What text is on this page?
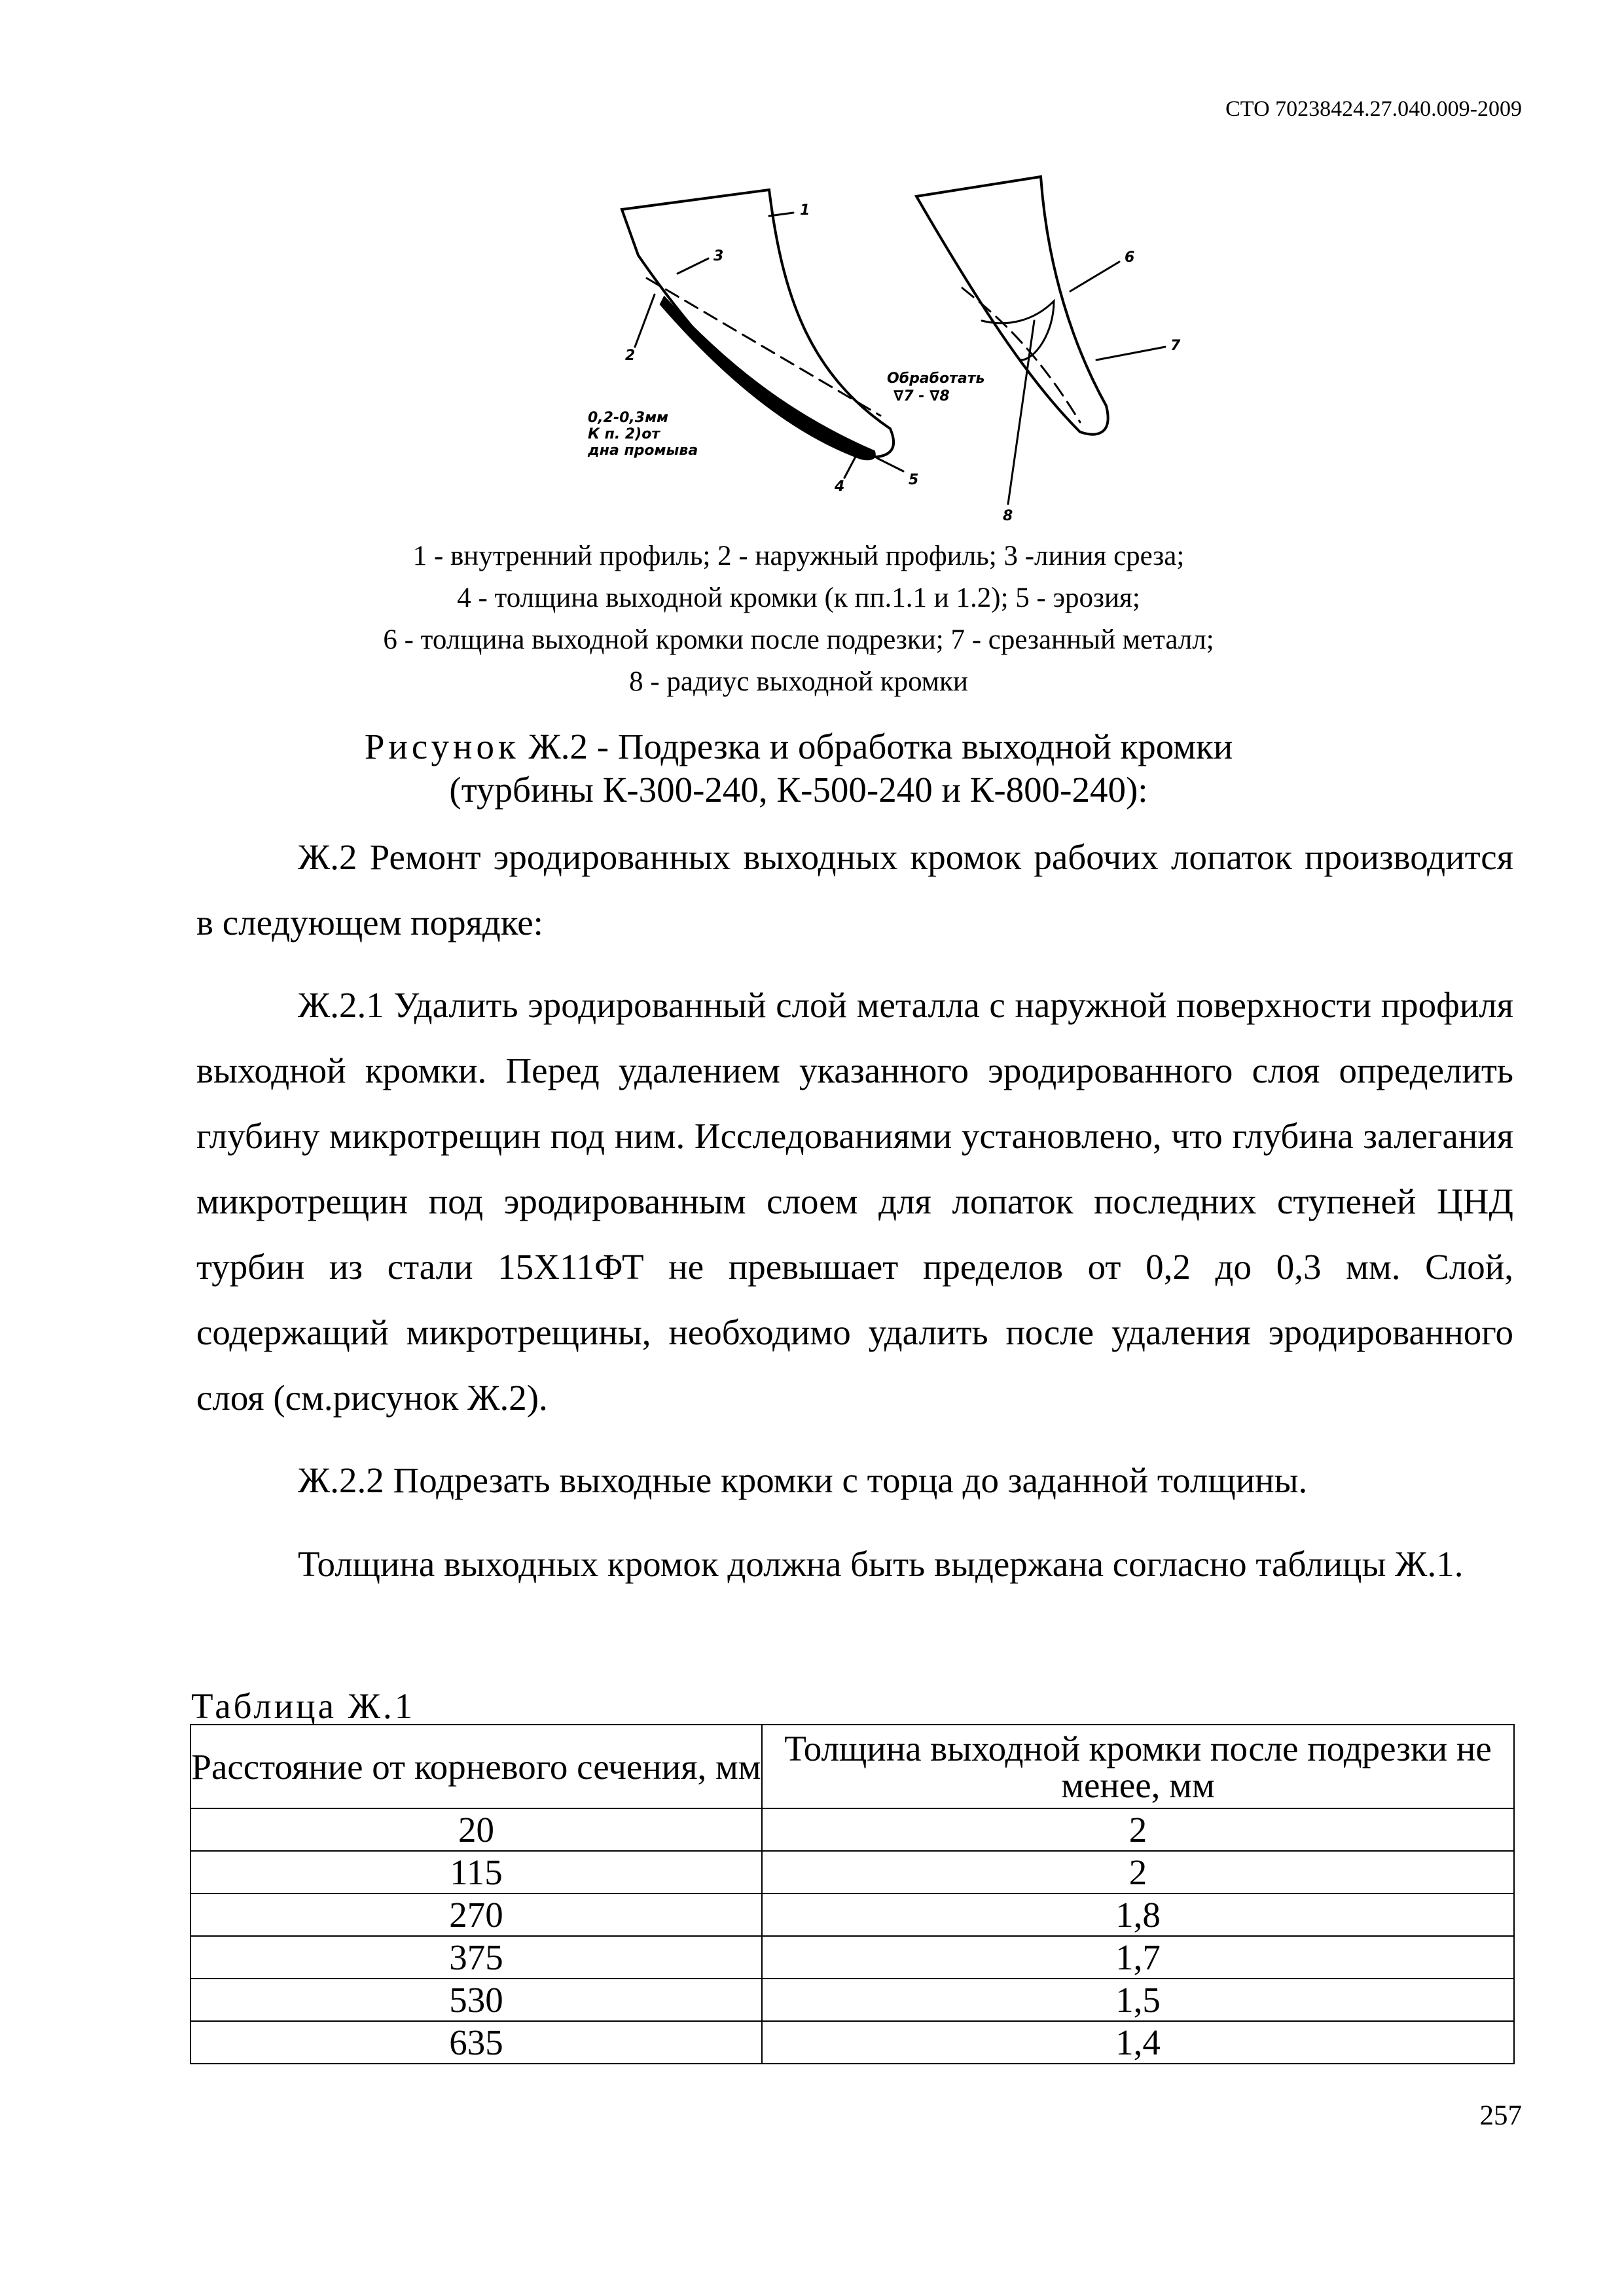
СТО 70238424.27.040.009-2009
1
3
2
4	5
6
7
8
0,2-0,3мм
К п. 2)от
дна промыва
Обработать
∇7 - ∇8
1 - внутренний профиль; 2 - наружный профиль; 3 -линия среза;
4 - толщина выходной кромки (к пп.1.1 и 1.2); 5 - эрозия;
6 - толщина выходной кромки после подрезки; 7 - срезанный металл;
8 - радиус выходной кромки
Рисунок Ж.2 - Подрезка и обработка выходной кромки
(турбины К-300-240, К-500-240 и К-800-240):
Ж.2 Ремонт эродированных выходных кромок рабочих лопаток производится в следующем порядке:
Ж.2.1 Удалить эродированный слой металла с наружной поверхности профиля выходной кромки. Перед удалением указанного эродированного слоя определить глубину микротрещин под ним. Исследованиями установлено, что глубина залегания микротрещин под эродированным слоем для лопаток последних ступеней ЦНД турбин из стали 15Х11ФТ не превышает пределов от 0,2 до 0,3 мм. Слой, содержащий микротрещины, необходимо удалить после удаления эродированного слоя (см.рисунок Ж.2).
Ж.2.2 Подрезать выходные кромки с торца до заданной толщины.
Толщина выходных кромок должна быть выдержана согласно таблицы Ж.1.
Таблица Ж.1
Расстояние от корневого сечения, мм	Толщина выходной кромки после подрезки не менее, мм
20	2
115	2
270	1,8
375	1,7
530	1,5
635	1,4
257
